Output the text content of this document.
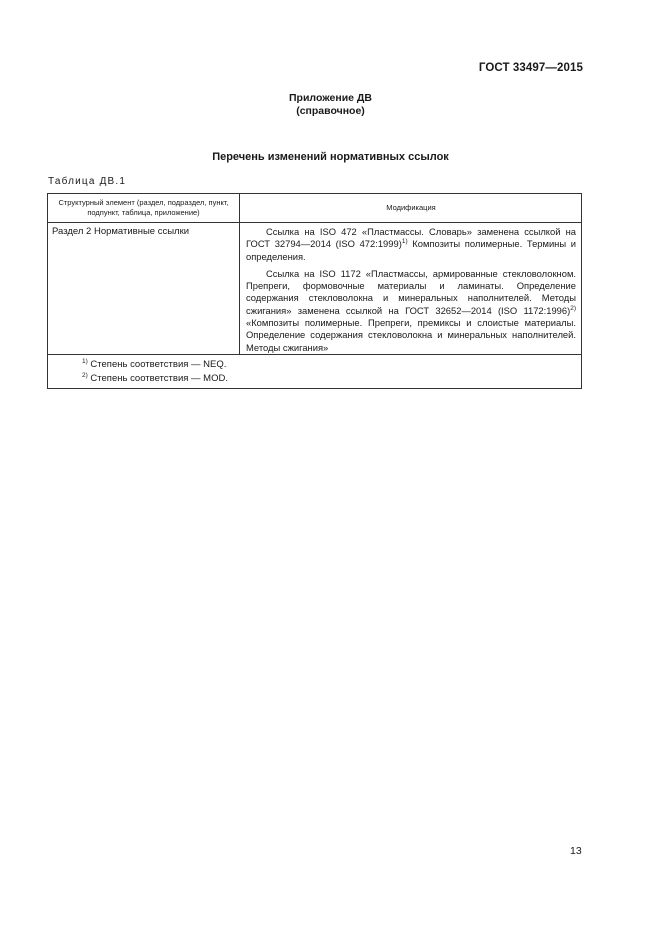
ГОСТ 33497—2015
Приложение ДВ
(справочное)
Перечень изменений нормативных ссылок
Таблица ДВ.1
Структурный элемент (раздел, подраздел, пункт, подпункт, таблица, приложение)
Модификация
Раздел 2 Нормативные ссылки	Ссылка на ISO 472 «Пластмассы. Словарь» заменена ссылкой на ГОСТ 32794—2014 (ISO 472:1999)$^{1)}$ Композиты полимерные. Термины и определения.

Ссылка на ISO 1172 «Пластмассы, армированные стекловолокном. Препреги, формовочные материалы и ламинаты. Определение содержания стекловолокна и минеральных наполнителей. Методы сжигания» заменена ссылкой на ГОСТ 32652—2014 (ISO 1172:1996)$^{2)}$ «Композиты полимерные. Препреги, премиксы и слоистые материалы. Определение содержания стекловолокна и минеральных наполнителей. Методы сжигания»

$^{1)}$ Степень соответствия — NEQ.
$^{2)}$ Степень соответствия — MOD.
13
